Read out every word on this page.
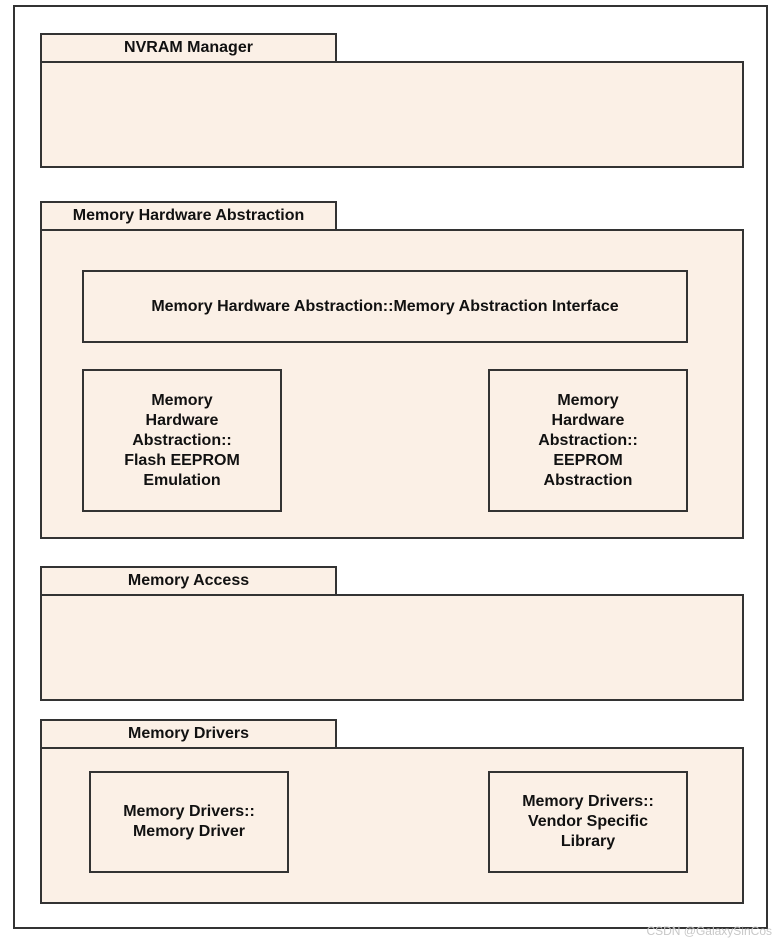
NVRAM Manager
Memory Hardware Abstraction
Memory Hardware Abstraction::Memory Abstraction Interface
Memory
Hardware
Abstraction::
Flash EEPROM
Emulation
Memory
Hardware
Abstraction::
EEPROM
Abstraction
Memory Access
Memory Drivers
Memory Drivers::
Memory Driver
Memory Drivers::
Vendor Specific
Library
CSDN @GalaxySinCos
